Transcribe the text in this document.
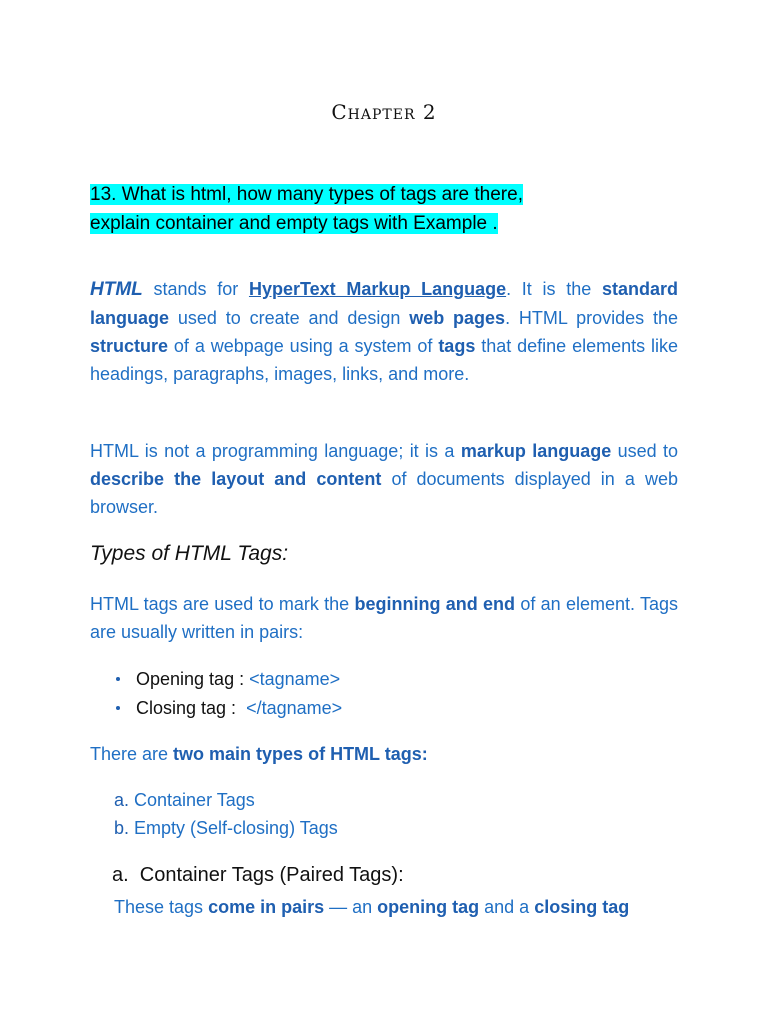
Chapter 2
13. What is html, how many types of tags are there,
explain container and empty tags with Example .
HTML stands for HyperText Markup Language. It is the standard language used to create and design web pages. HTML provides the structure of a webpage using a system of tags that define elements like headings, paragraphs, images, links, and more.
HTML is not a programming language; it is a markup language used to describe the layout and content of documents displayed in a web browser.
Types of HTML Tags:
HTML tags are used to mark the beginning and end of an element. Tags are usually written in pairs:
Opening tag : <tagname>
Closing tag :  </tagname>
There are two main types of HTML tags:
a. Container Tags
b. Empty (Self-closing) Tags
a.  Container Tags (Paired Tags):
These tags come in pairs — an opening tag and a closing tag
